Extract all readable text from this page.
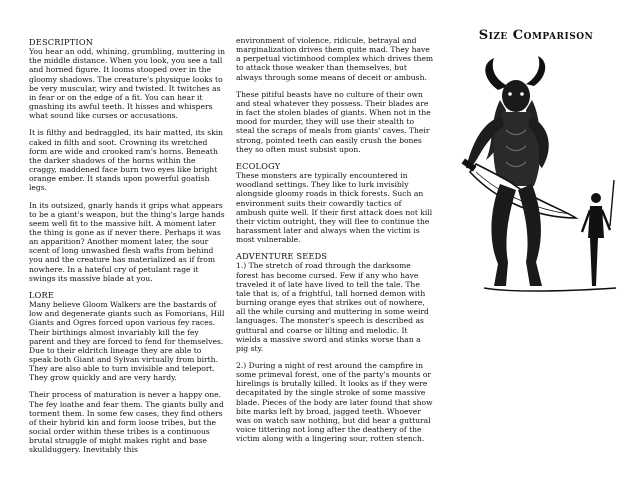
DESCRIPTION

You hear an odd, whining, grumbling, muttering in the middle distance. When you look, you see a tall and horned figure. It looms stooped over in the gloomy shadows. The creature's physique looks to be very muscular, wiry and twisted. It twitches as in fear or on the edge of a fit. You can hear it gnashing its awful teeth. It hisses and whispers what sound like curses or accusations.

It is filthy and bedraggled, its hair matted, its skin caked in filth and soot. Crowning its wretched form are wide and crooked ram's horns. Beneath the darker shadows of the horns within the craggy, maddened face burn two eyes like bright orange ember. It stands upon powerful goatish legs.

In its outsized, gnarly hands it grips what appears to be a giant's weapon, but the thing's large hands seem well fit to the massive hilt. A moment later the thing is gone as if never there. Perhaps it was an apparition? Another moment later, the sour scent of long unwashed flesh wafts from behind you and the creature has materialized as if from nowhere. In a hateful cry of petulant rage it swings its massive blade at you.

LORE

Many believe Gloom Walkers are the bastards of low and degenerate giants such as Fomorians, Hill Giants and Ogres forced upon various fey races. Their birthings almost invariably kill the fey parent and they are forced to fend for themselves. Due to their eldritch lineage they are able to speak both Giant and Sylvan virtually from birth. They are also able to turn invisible and teleport. They grow quickly and are very hardy.

Their process of maturation is never a happy one. The fey loathe and fear them. The giants bully and torment them. In some few cases, they find others of their hybrid kin and form loose tribes, but the social order within these tribes is a continuous brutal struggle of might makes right and base skullduggery. Inevitably this

environment of violence, ridicule, betrayal and marginalization drives them quite mad. They have a perpetual victimhood complex which drives them to attack those weaker than themselves, but always through some means of deceit or ambush.

These pitiful beasts have no culture of their own and steal whatever they possess. Their blades are in fact the stolen blades of giants. When not in the mood for murder, they will use their stealth to steal the scraps of meals from giants' caves. Their strong, pointed teeth can easily crush the bones they so often must subsist upon.

ECOLOGY

These monsters are typically encountered in woodland settings. They like to lurk invisibly alongside gloomy roads in thick forests. Such an environment suits their cowardly tactics of ambush quite well. If their first attack does not kill their victim outright, they will flee to continue the harassment later and always when the victim is most vulnerable.

ADVENTURE SEEDS

1.) The stretch of road through the darksome forest has become cursed. Few if any who have traveled it of late have lived to tell the tale. The tale that is, of a frightful, tall horned demon with burning orange eyes that strikes out of nowhere, all the while cursing and muttering in some weird languages. The monster's speech is described as guttural and coarse or lilting and melodic. It wields a massive sword and stinks worse than a pig sty.

2.) During a night of rest around the campfire in some primeval forest, one of the party's mounts or hirelings is brutally killed. It looks as if they were decapitated by the single stroke of some massive blade. Pieces of the body are later found that show bite marks left by broad, jagged teeth. Whoever was on watch saw nothing, but did hear a guttural voice tittering not long after the deathery of the victim along with a lingering sour, rotten stench.

Size Comparison
